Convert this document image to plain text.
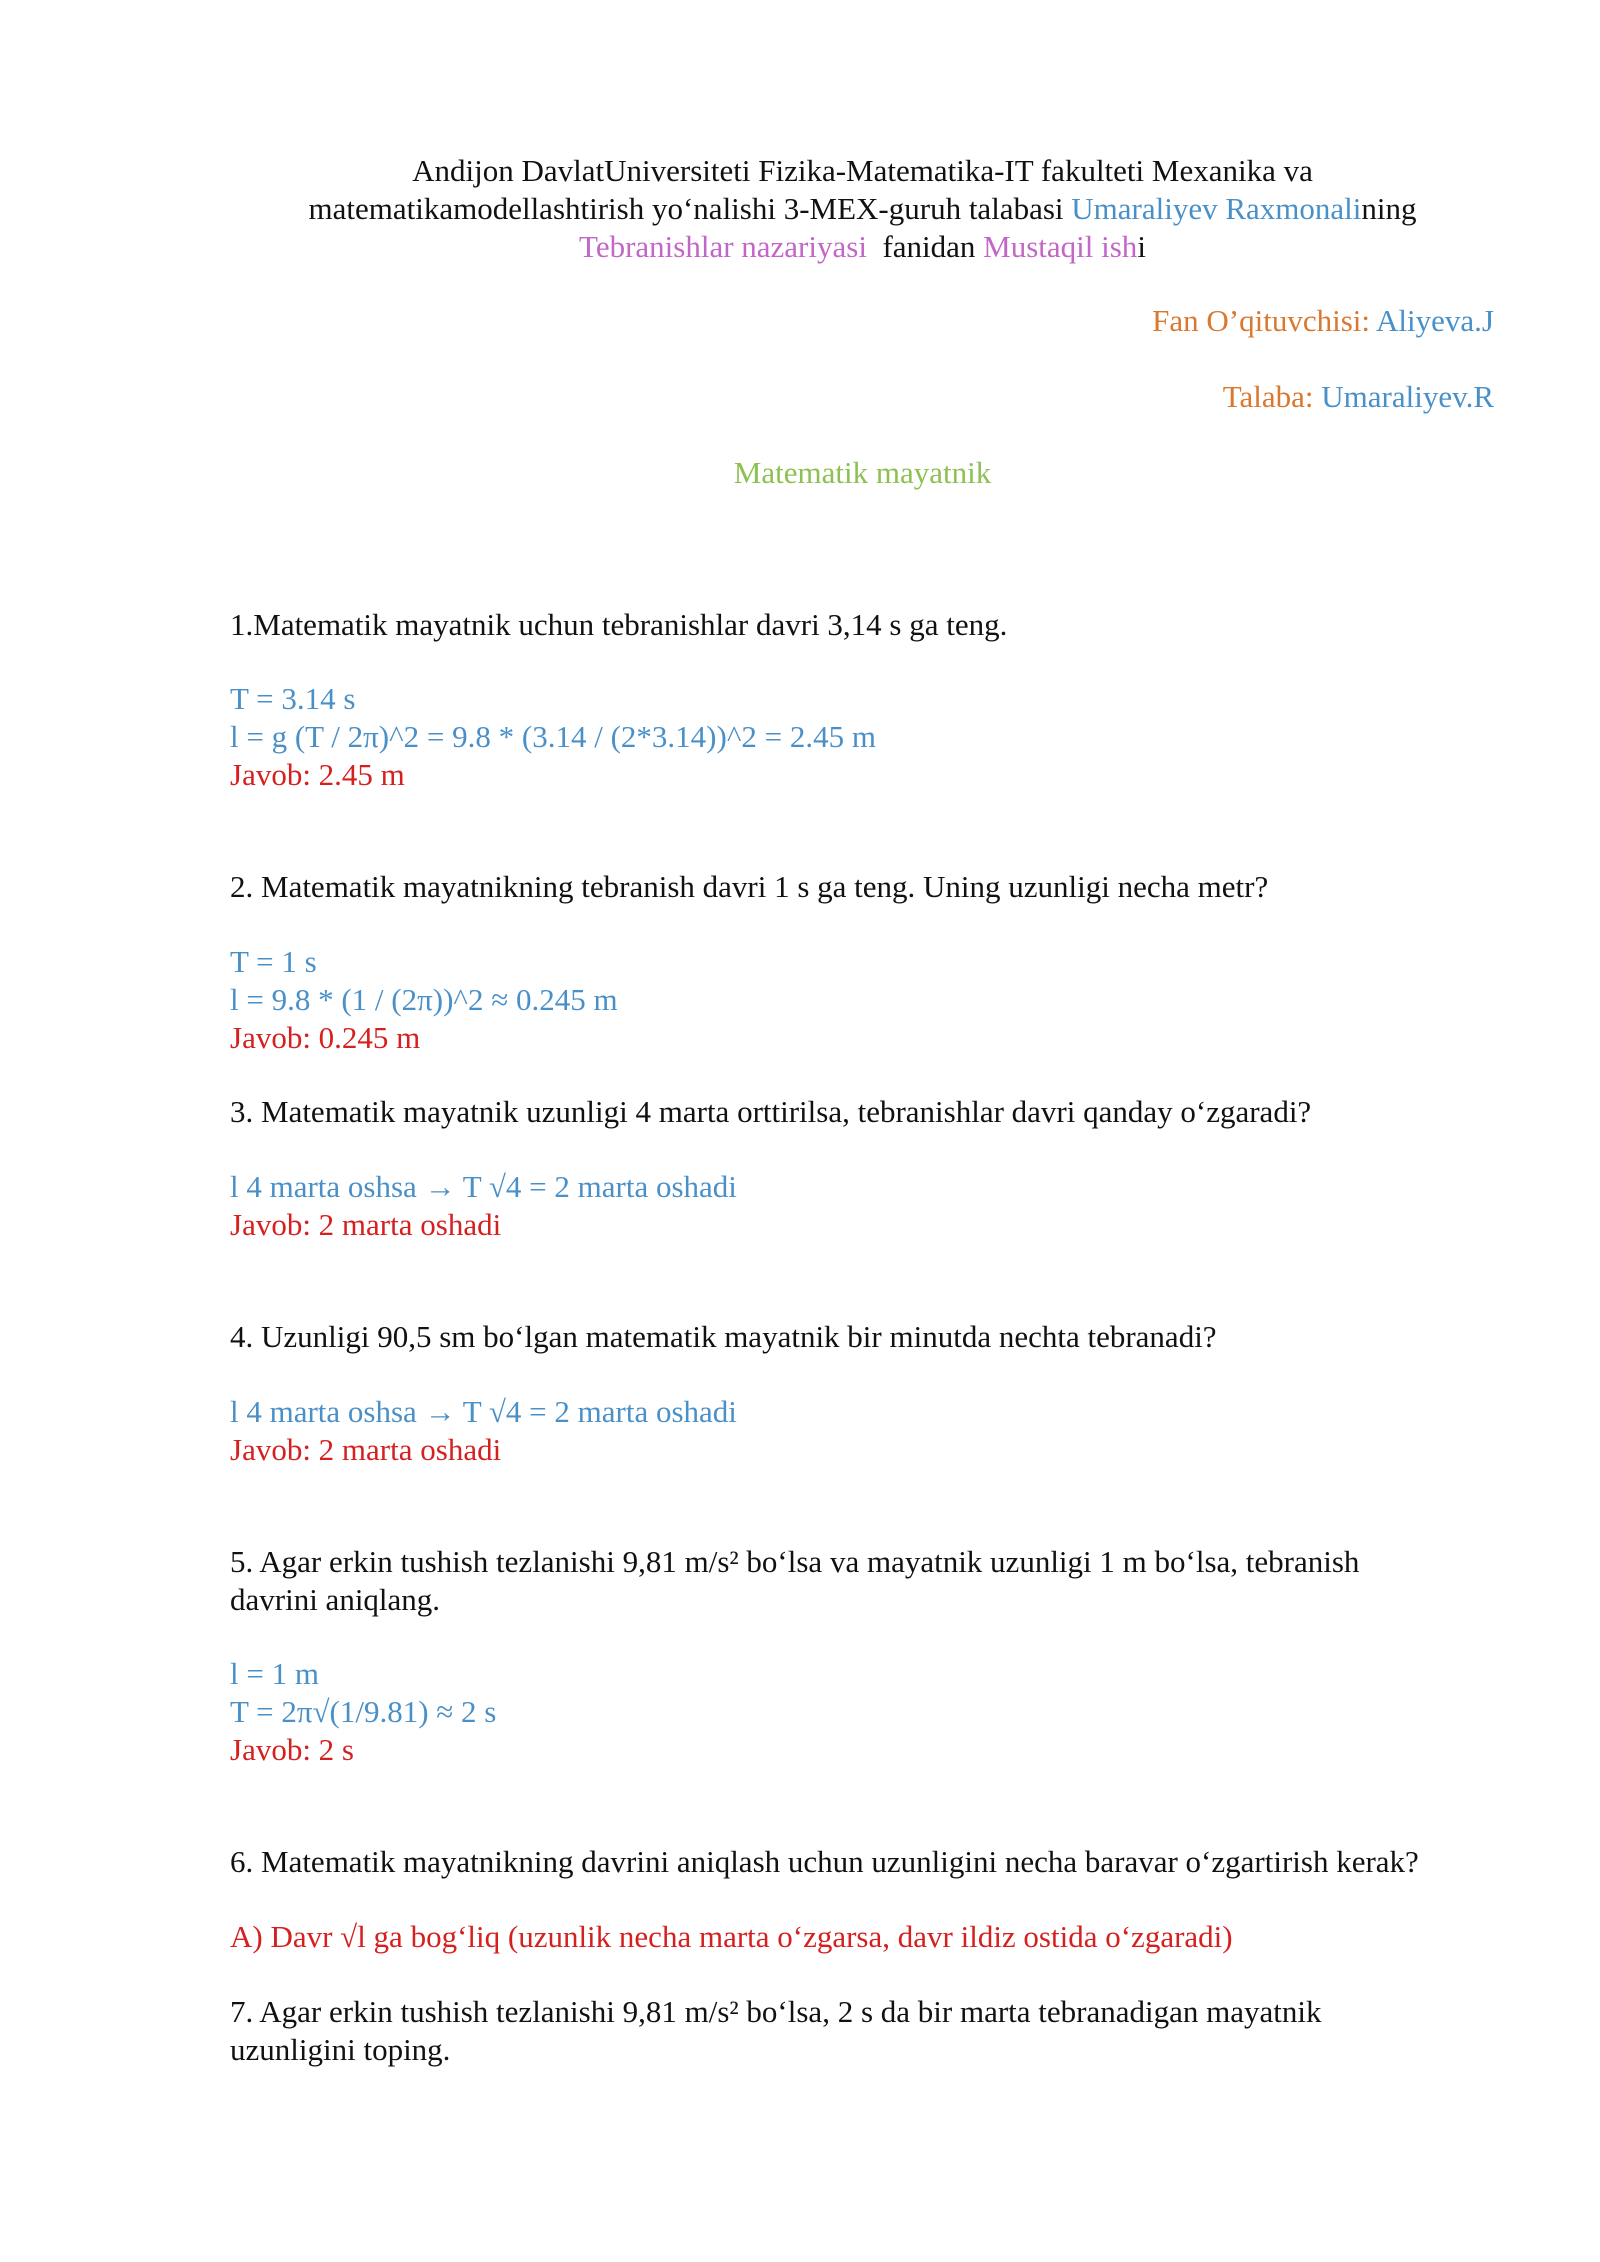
Andijon DavlatUniversiteti Fizika-Matematika-IT fakulteti Mexanika va
matematikamodellashtirish yo‘nalishi 3-MEX-guruh talabasi Umaraliyev Raxmonalining
Tebranishlar nazariyasi  fanidan Mustaqil ishi
Fan O’qituvchisi: Aliyeva.J
Talaba: Umaraliyev.R
Matematik mayatnik

1.Matematik mayatnik uchun tebranishlar davri 3,14 s ga teng.

T = 3.14 s

l = g (T / 2π)^2 = 9.8 * (3.14 / (2*3.14))^2 = 2.45 m

Javob: 2.45 m

2. Matematik mayatnikning tebranish davri 1 s ga teng. Uning uzunligi necha metr?

T = 1 s

l = 9.8 * (1 / (2π))^2 ≈ 0.245 m

Javob: 0.245 m

3. Matematik mayatnik uzunligi 4 marta orttirilsa, tebranishlar davri qanday o‘zgaradi?

l 4 marta oshsa → T √4 = 2 marta oshadi

Javob: 2 marta oshadi

4. Uzunligi 90,5 sm bo‘lgan matematik mayatnik bir minutda nechta tebranadi?

l 4 marta oshsa → T √4 = 2 marta oshadi

Javob: 2 marta oshadi

5. Agar erkin tushish tezlanishi 9,81 m/s² bo‘lsa va mayatnik uzunligi 1 m bo‘lsa, tebranish

davrini aniqlang.

l = 1 m

T = 2π√(1/9.81) ≈ 2 s

Javob: 2 s

6. Matematik mayatnikning davrini aniqlash uchun uzunligini necha baravar o‘zgartirish kerak?

A) Davr √l ga bog‘liq (uzunlik necha marta o‘zgarsa, davr ildiz ostida o‘zgaradi)

7. Agar erkin tushish tezlanishi 9,81 m/s² bo‘lsa, 2 s da bir marta tebranadigan mayatnik

uzunligini toping.
